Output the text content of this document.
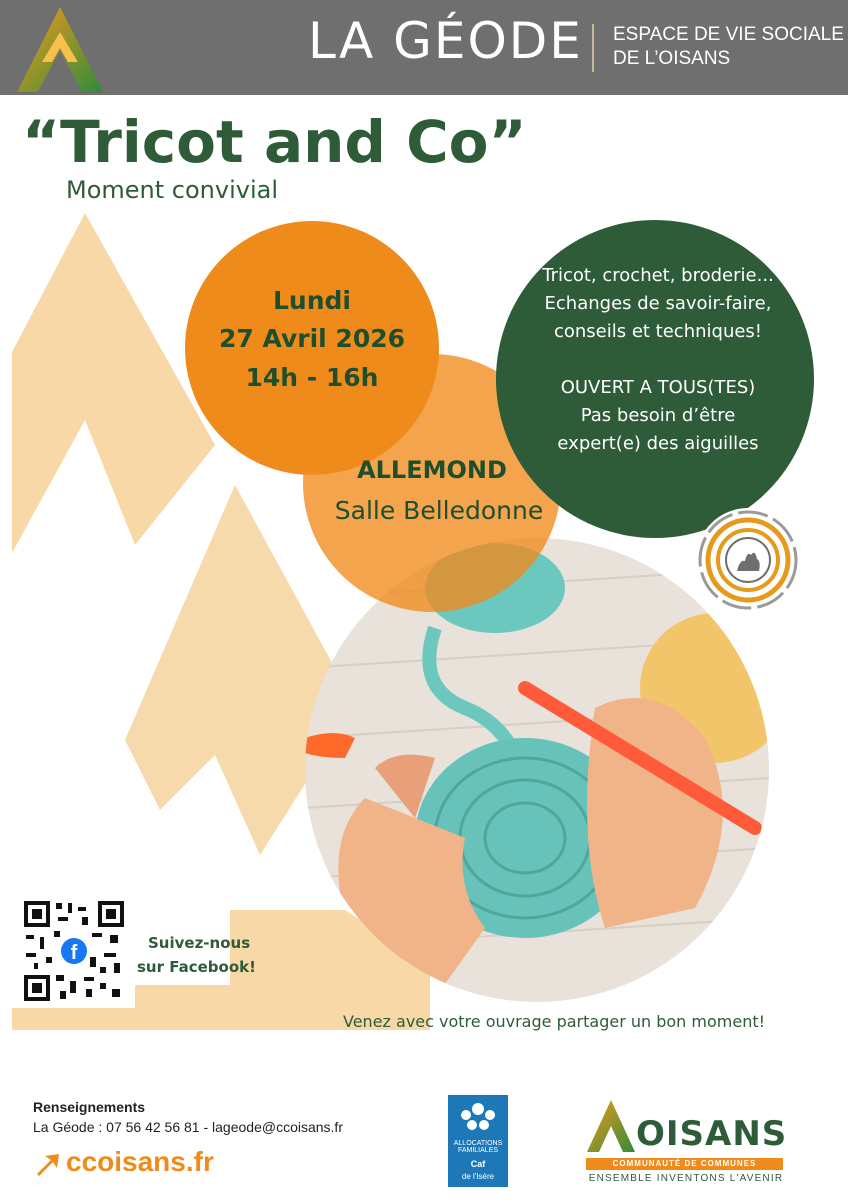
LA GÉODE ESPACE DE VIE SOCIALE
DE L’OISANS
“Tricot and Co”
Moment convivial
Lundi
27 Avril 2026
14h - 16h
ALLEMOND
Salle Belledonne
Tricot, crochet, broderie...
Echanges de savoir-faire,
conseils et techniques!
OUVERT A TOUS(TES)
Pas besoin d’être
expert(e) des aiguilles
f	Suivez-nous
sur Facebook!
Venez avec votre ouvrage partager un bon moment!
Renseignements
La Géode : 07 56 42 56 81 - lageode@ccoisans.fr
ccoisans.fr
ALLOCATIONS FAMILIALES
Caf
de l'Isère
OISANS
COMMUNAUTÉ DE COMMUNES
ENSEMBLE INVENTONS L'AVENIR
